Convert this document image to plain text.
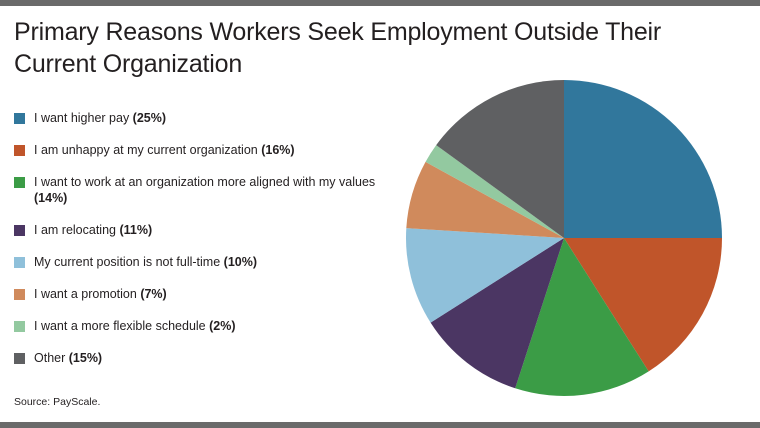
Primary Reasons Workers Seek Employment Outside Their Current Organization
I want higher pay (25%)
I am unhappy at my current organization (16%)
I want to work at an organization more aligned with my values (14%)
I am relocating (11%)
My current position is not full-time (10%)
I want a promotion (7%)
I want a more flexible schedule (2%)
Other (15%)
Source: PayScale.
